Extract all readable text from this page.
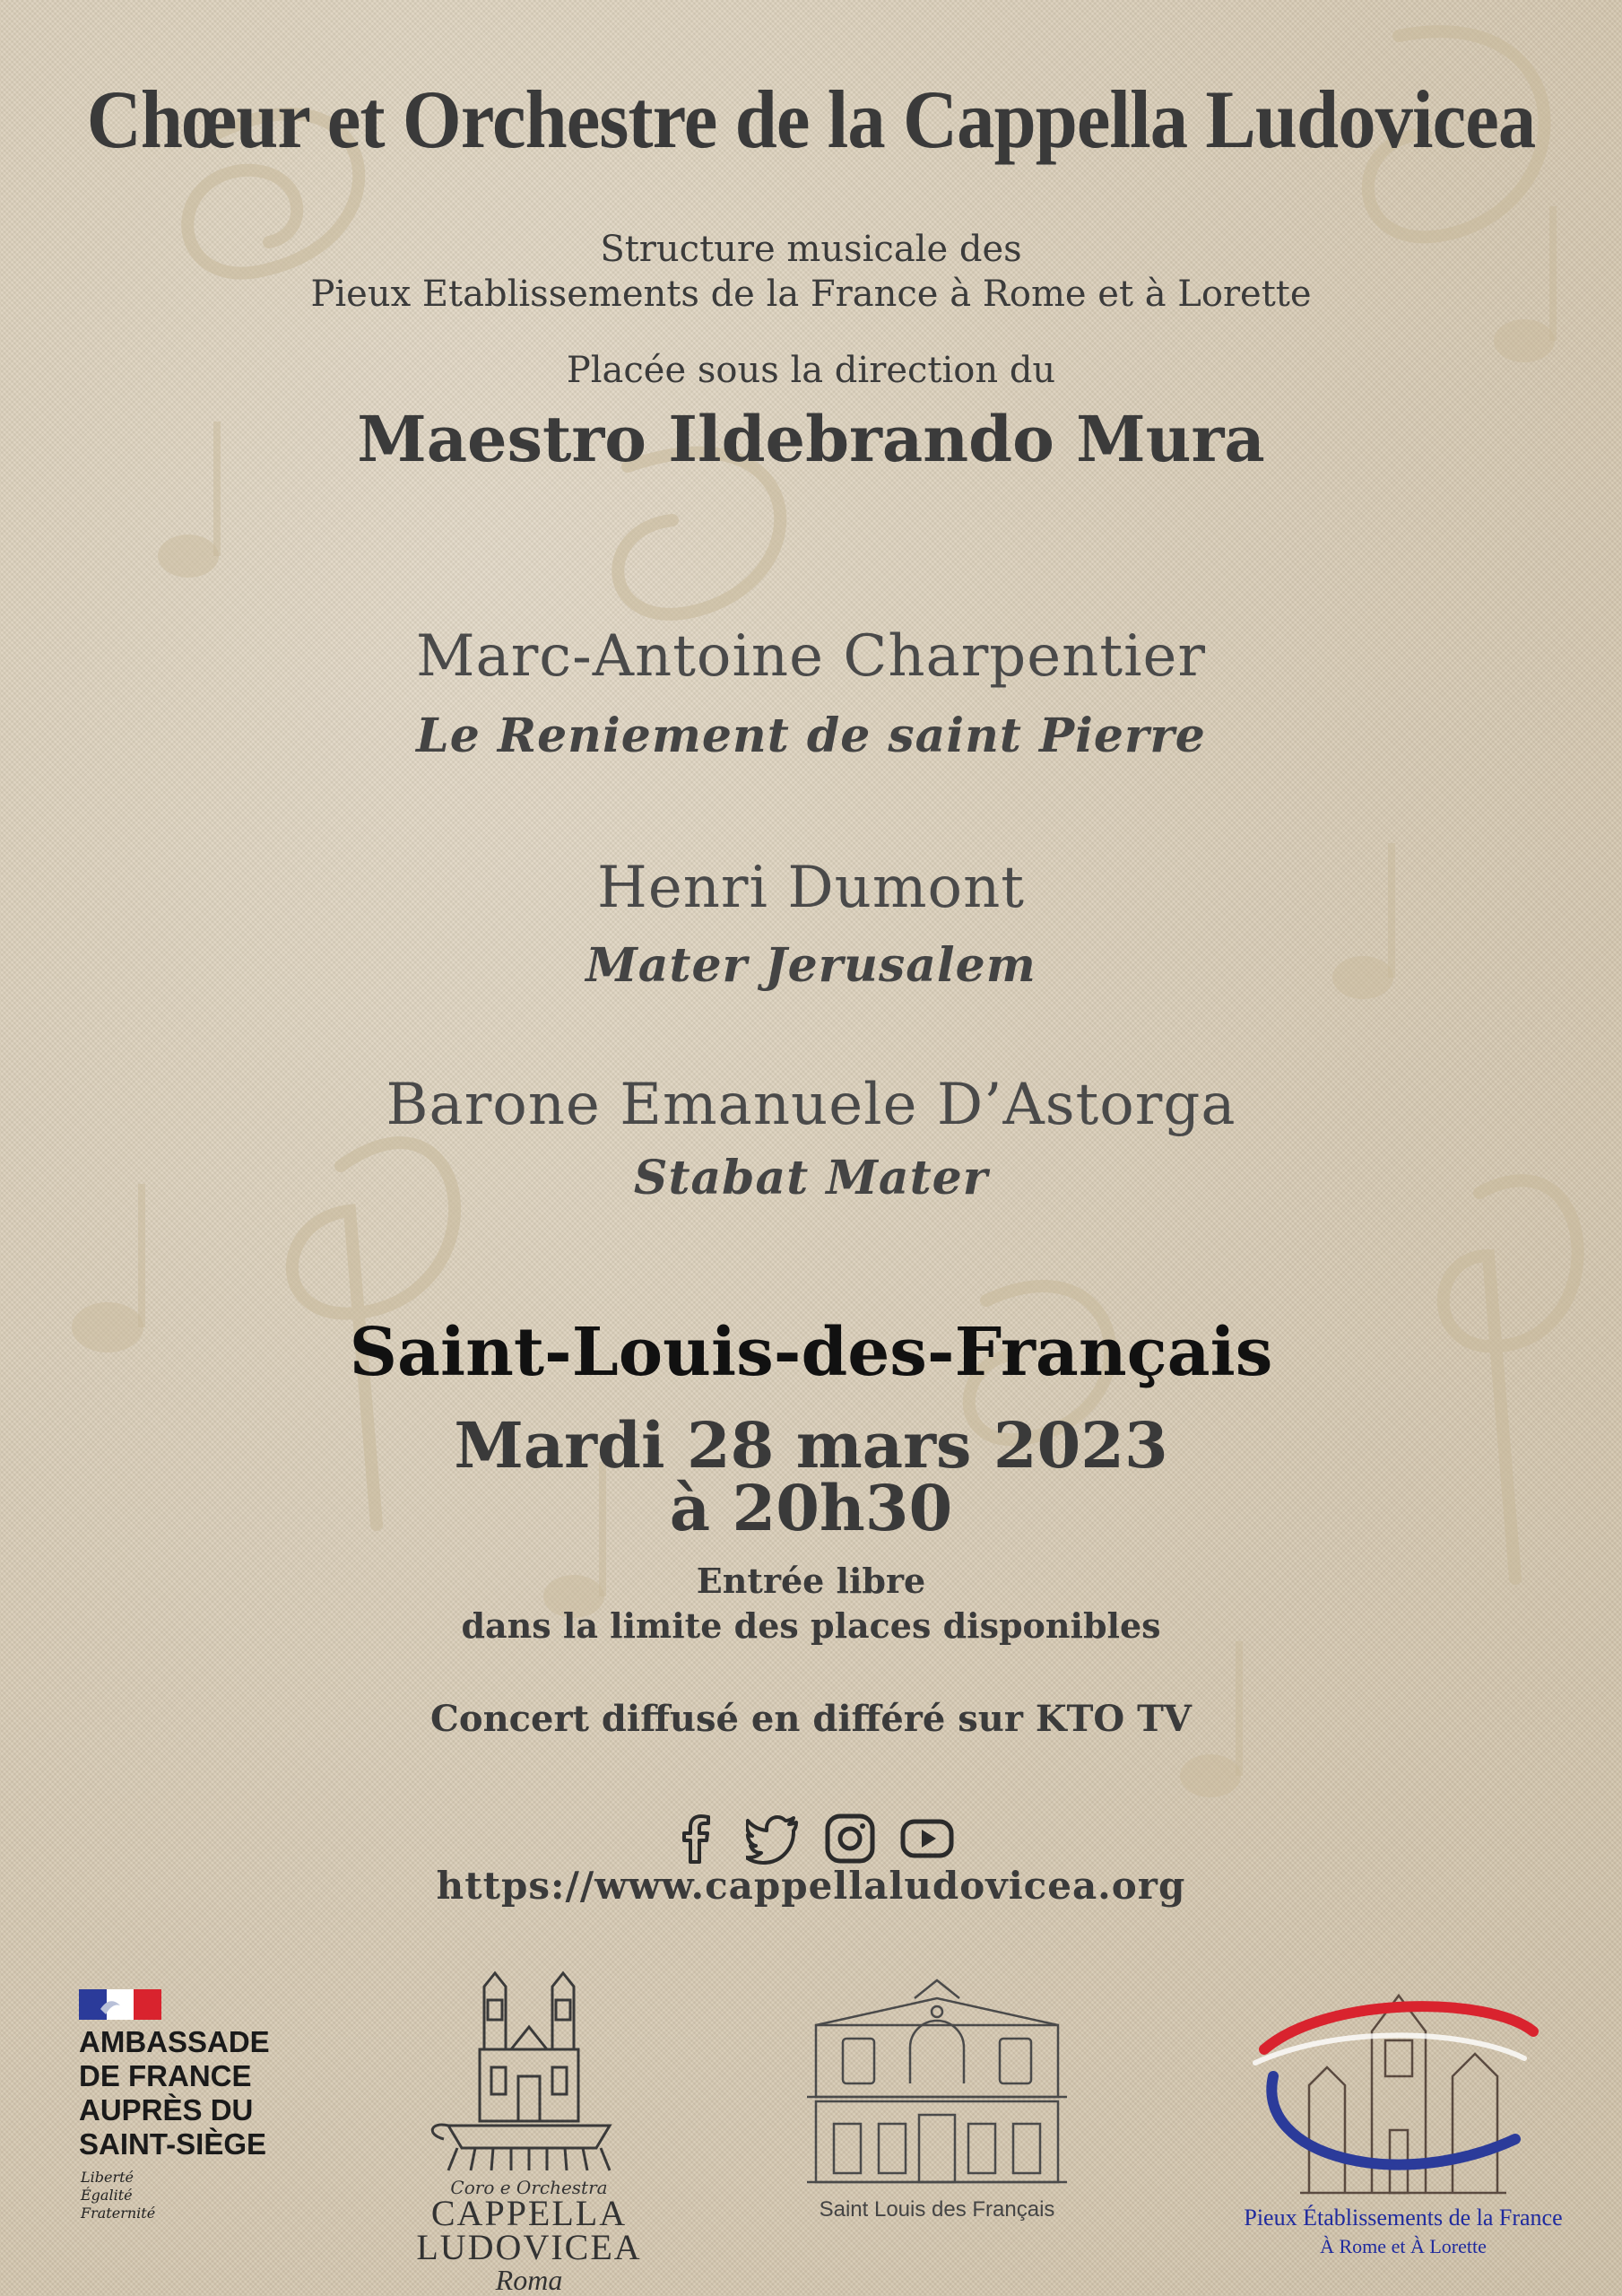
Chœur et Orchestre de la Cappella Ludovicea
Structure musicale des
Pieux Etablissements de la France à Rome et à Lorette
Placée sous la direction du
Maestro Ildebrando Mura
Marc-Antoine Charpentier
Le Reniement de saint Pierre
Henri Dumont
Mater Jerusalem
Barone Emanuele D’Astorga
Stabat Mater
Saint-Louis-des-Français
Mardi 28 mars 2023
à 20h30
Entrée libre
dans la limite des places disponibles
Concert diffusé en différé sur KTO TV
https://www.cappellaludovicea.org
AMBASSADE
DE FRANCE
AUPRÈS DU
SAINT-SIÈGE
Liberté
Égalité
Fraternité
Coro e Orchestra
CAPPELLA
LUDOVICEA
Roma
Saint Louis des Français	Pieux Établissements de la France
À Rome et À Lorette
